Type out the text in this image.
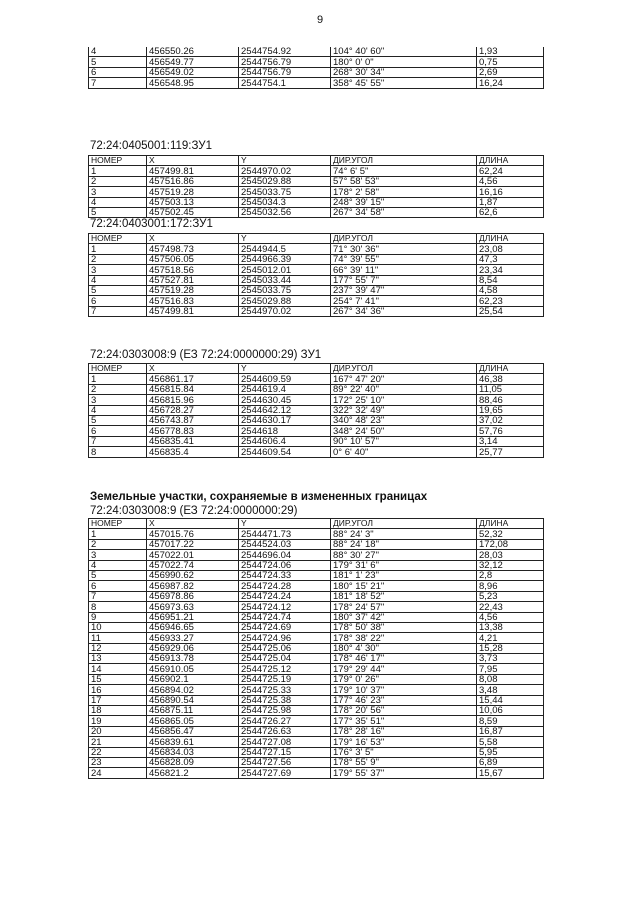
9
4	456550.26	2544754.92	104° 40' 60"	1,93
5	456549.77	2544756.79	180° 0' 0"	0,75
6	456549.02	2544756.79	268° 30' 34"	2,69
7	456548.95	2544754.1	358° 45' 55"	16,24
72:24:0405001:119:ЗУ1
НОМЕР	X	Y	ДИР.УГОЛ	ДЛИНА
1	457499.81	2544970.02	74° 6' 5"	62,24
2	457516.86	2545029.88	57° 58' 53"	4,56
3	457519.28	2545033.75	178° 2' 58"	16,16
4	457503.13	2545034.3	248° 39' 15"	1,87
5	457502.45	2545032.56	267° 34' 58"	62,6
72:24:0403001:172:ЗУ1
НОМЕР	X	Y	ДИР.УГОЛ	ДЛИНА
1	457498.73	2544944.5	71° 30' 36"	23,08
2	457506.05	2544966.39	74° 39' 55"	47,3
3	457518.56	2545012.01	66° 39' 11"	23,34
4	457527.81	2545033.44	177° 55' 7"	8,54
5	457519.28	2545033.75	237° 39' 47"	4,58
6	457516.83	2545029.88	254° 7' 41"	62,23
7	457499.81	2544970.02	267° 34' 36"	25,54
72:24:0303008:9 (ЕЗ 72:24:0000000:29) ЗУ1
НОМЕР	X	Y	ДИР.УГОЛ	ДЛИНА
1	456861.17	2544609.59	167° 47' 20"	46,38
2	456815.84	2544619.4	89° 22' 40"	11,05
3	456815.96	2544630.45	172° 25' 10"	88,46
4	456728.27	2544642.12	322° 32' 49"	19,65
5	456743.87	2544630.17	340° 48' 23"	37,02
6	456778.83	2544618	348° 24' 50"	57,76
7	456835.41	2544606.4	90° 10' 57"	3,14
8	456835.4	2544609.54	0° 6' 40"	25,77
Земельные участки, сохраняемые в измененных границах
72:24:0303008:9 (ЕЗ 72:24:0000000:29)
НОМЕР	X	Y	ДИР.УГОЛ	ДЛИНА
1	457015.76	2544471.73	88° 24' 3"	52,32
2	457017.22	2544524.03	88° 24' 18"	172,08
3	457022.01	2544696.04	88° 30' 27"	28,03
4	457022.74	2544724.06	179° 31' 6"	32,12
5	456990.62	2544724.33	181° 1' 23"	2,8
6	456987.82	2544724.28	180° 15' 21"	8,96
7	456978.86	2544724.24	181° 18' 52"	5,23
8	456973.63	2544724.12	178° 24' 57"	22,43
9	456951.21	2544724.74	180° 37' 42"	4,56
10	456946.65	2544724.69	178° 50' 38"	13,38
11	456933.27	2544724.96	178° 38' 22"	4,21
12	456929.06	2544725.06	180° 4' 30"	15,28
13	456913.78	2544725.04	178° 46' 17"	3,73
14	456910.05	2544725.12	179° 29' 44"	7,95
15	456902.1	2544725.19	179° 0' 26"	8,08
16	456894.02	2544725.33	179° 10' 37"	3,48
17	456890.54	2544725.38	177° 46' 23"	15,44
18	456875.11	2544725.98	178° 20' 56"	10,06
19	456865.05	2544726.27	177° 35' 51"	8,59
20	456856.47	2544726.63	178° 28' 16"	16,87
21	456839.61	2544727.08	179° 16' 53"	5,58
22	456834.03	2544727.15	176° 3' 5"	5,95
23	456828.09	2544727.56	178° 55' 9"	6,89
24	456821.2	2544727.69	179° 55' 37"	15,67
